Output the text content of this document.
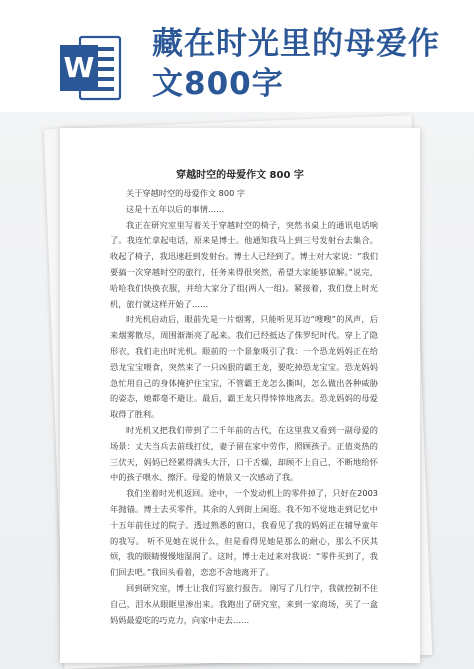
W
藏在时光里的母爱作文800字
穿越时空的母爱作文 800 字

关于穿越时空的母爱作文 800 字

这是十五年以后的事情……

我正在研究室里写着关于穿越时空的椅子，突然书桌上的通讯电话响了。我连忙拿起电话，原来是博士。他通知我马上到三号发射台去集合。收起了椅子，我迅速赶到发射台。博士人已经到了。博士对大家说：“我们要搞一次穿越时空的旅行，任务来得很突然，希望大家能够谅解。”说完，哈哈我们快换衣服，并给大家分了组(两人一组)。紧接着，我们登上时光机，旅行就这样开始了……

时光机启动后，眼前先是一片烟雾，只能听见耳边“嗖嗖”的风声，后来烟雾散尽，周围渐渐亮了起来。我们已经抵达了侏罗纪时代。穿上了隐形衣，我们走出时光机。眼前的一个景象吸引了我：一个恐龙妈妈正在给恐龙宝宝喂食，突然来了一只凶狠的霸王龙，要吃掉恐龙宝宝。恐龙妈妈急忙用自己的身体掩护住宝宝，不管霸王龙怎么撕叫，怎么做出各种威胁的姿态，她都毫不避让。最后，霸王龙只得悻悻地离去。恐龙妈妈的母爱取得了胜利。

时光机又把我们带到了二千年前的古代，在这里我又看到一副母爱的场景：丈夫当兵去前线打仗，妻子留在家中劳作，照顾孩子。正值炎热的三伏天，妈妈已经累得满头大汗，口干舌燥，却顾不上自己，不断地给怀中的孩子喂水、擦汗。母爱的情景又一次感动了我。

我们坐着时光机返回。途中，一个发动机上的零件掉了，只好在2003 年抛锚。博士去买零件，其余的人到街上闲逛。我不知不觉地走到记忆中十五年前住过的院子。透过熟悉的窗口，我看见了我的妈妈正在辅导童年的我写。 听不见她在说什么，但是看得见她是那么的耐心，那么不厌其烦，我的眼睛慢慢地湿润了。这时，博士走过来对我说：“零件买到了，我们回去吧。”我回头看着，恋恋不舍地离开了。

回到研究室，博士让我们写旅行报告。 刚写了几行字，我就控制不住自己，泪水从眼眶里渗出来。我跑出了研究室，来到一家商场，买了一盒妈妈最爱吃的巧克力，向家中走去……
